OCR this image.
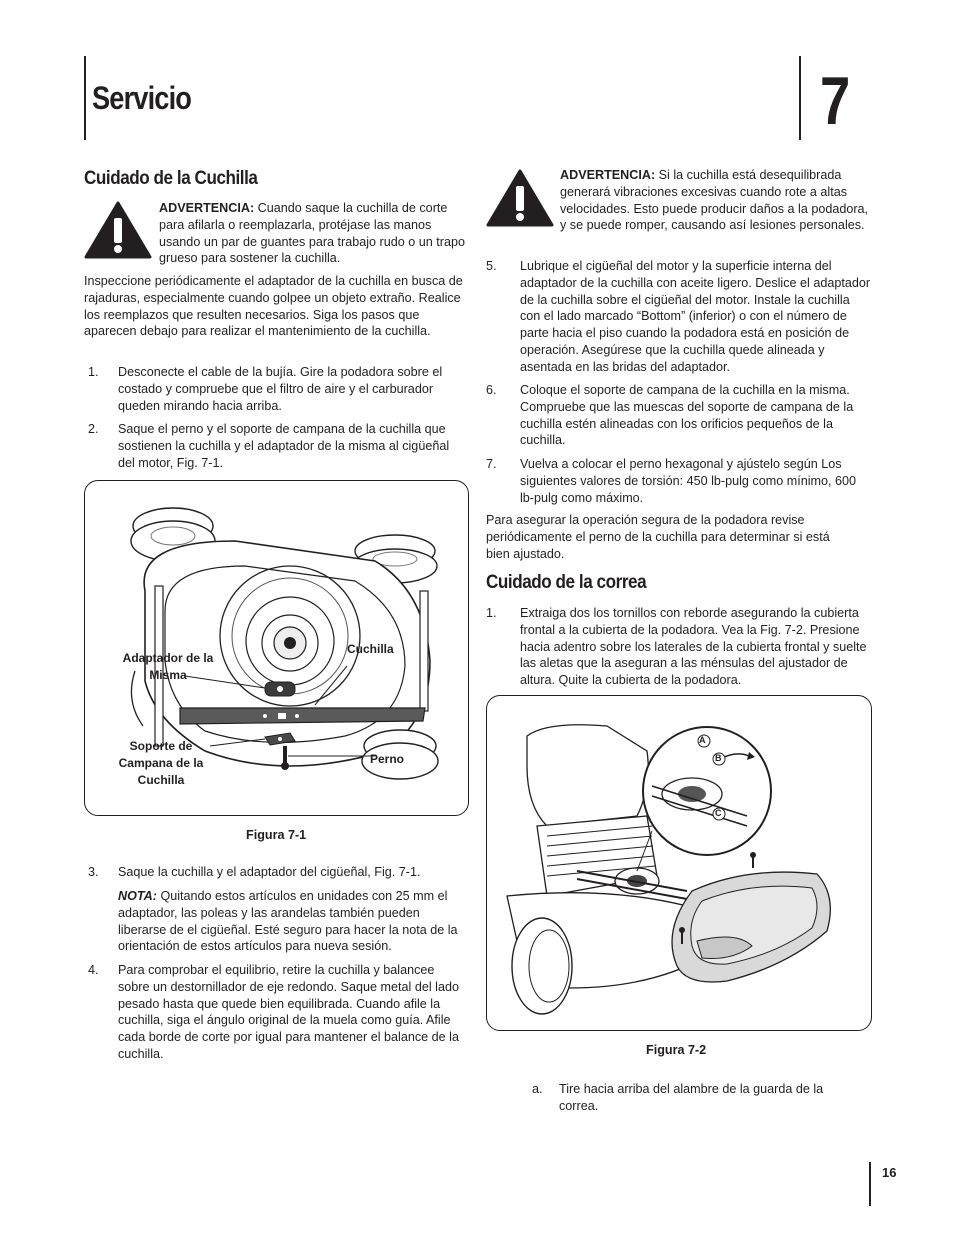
Servicio	7
Cuidado de la Cuchilla
ADVERTENCIA: Cuando saque la cuchilla de corte para afilarla o reemplazarla, protéjase las manos usando un par de guantes para trabajo rudo o un trapo grueso para sostener la cuchilla.
Inspeccione periódicamente el adaptador de la cuchilla en busca de rajaduras, especialmente cuando golpee un objeto extraño. Realice los reemplazos que resulten necesarios. Siga los pasos que aparecen debajo para realizar el mantenimiento de la cuchilla.
1. Desconecte el cable de la bujía. Gire la podadora sobre el costado y compruebe que el filtro de aire y el carburador queden mirando hacia arriba.
2. Saque el perno y el soporte de campana de la cuchilla que sostienen la cuchilla y el adaptador de la misma al cigüeñal del motor, Fig. 7-1.
Adaptador de la Misma
Cuchilla
Soporte de Campana de la Cuchilla
Perno
Figura 7-1
3. Saque la cuchilla y el adaptador del cigüeñal, Fig. 7-1.
NOTA: Quitando estos artículos en unidades con 25 mm el adaptador, las poleas y las arandelas también pueden liberarse de el cigüeñal. Esté seguro para hacer la nota de la orientación de estos artículos para nueva sesión.
4. Para comprobar el equilibrio, retire la cuchilla y balancee sobre un destornillador de eje redondo. Saque metal del lado pesado hasta que quede bien equilibrada. Cuando afile la cuchilla, siga el ángulo original de la muela como guía. Afile cada borde de corte por igual para mantener el balance de la cuchilla.
ADVERTENCIA: Si la cuchilla está desequilibrada generará vibraciones excesivas cuando rote a altas velocidades. Esto puede producir daños a la podadora, y se puede romper, causando así lesiones personales.
5. Lubrique el cigüeñal del motor y la superficie interna del adaptador de la cuchilla con aceite ligero. Deslice el adaptador de la cuchilla sobre el cigüeñal del motor. Instale la cuchilla con el lado marcado “Bottom” (inferior) o con el número de parte hacia el piso cuando la podadora está en posición de operación. Asegúrese que la cuchilla quede alineada y asentada en las bridas del adaptador.
6. Coloque el soporte de campana de la cuchilla en la misma. Compruebe que las muescas del soporte de campana de la cuchilla estén alineadas con los orificios pequeños de la cuchilla.
7. Vuelva a colocar el perno hexagonal y ajústelo según Los siguientes valores de torsión: 450 lb-pulg como mínimo, 600 lb-pulg como máximo.
Para asegurar la operación segura de la podadora revise periódicamente el perno de la cuchilla para determinar si está bien ajustado.
Cuidado de la correa
1. Extraiga dos los tornillos con reborde asegurando la cubierta frontal a la cubierta de la podadora. Vea la Fig. 7-2. Presione hacia adentro sobre los laterales de la cubierta frontal y suelte las aletas que la aseguran a las ménsulas del ajustador de altura. Quite la cubierta de la podadora.
A
B
C
Figura 7-2
a. Tire hacia arriba del alambre de la guarda de la correa.
16
